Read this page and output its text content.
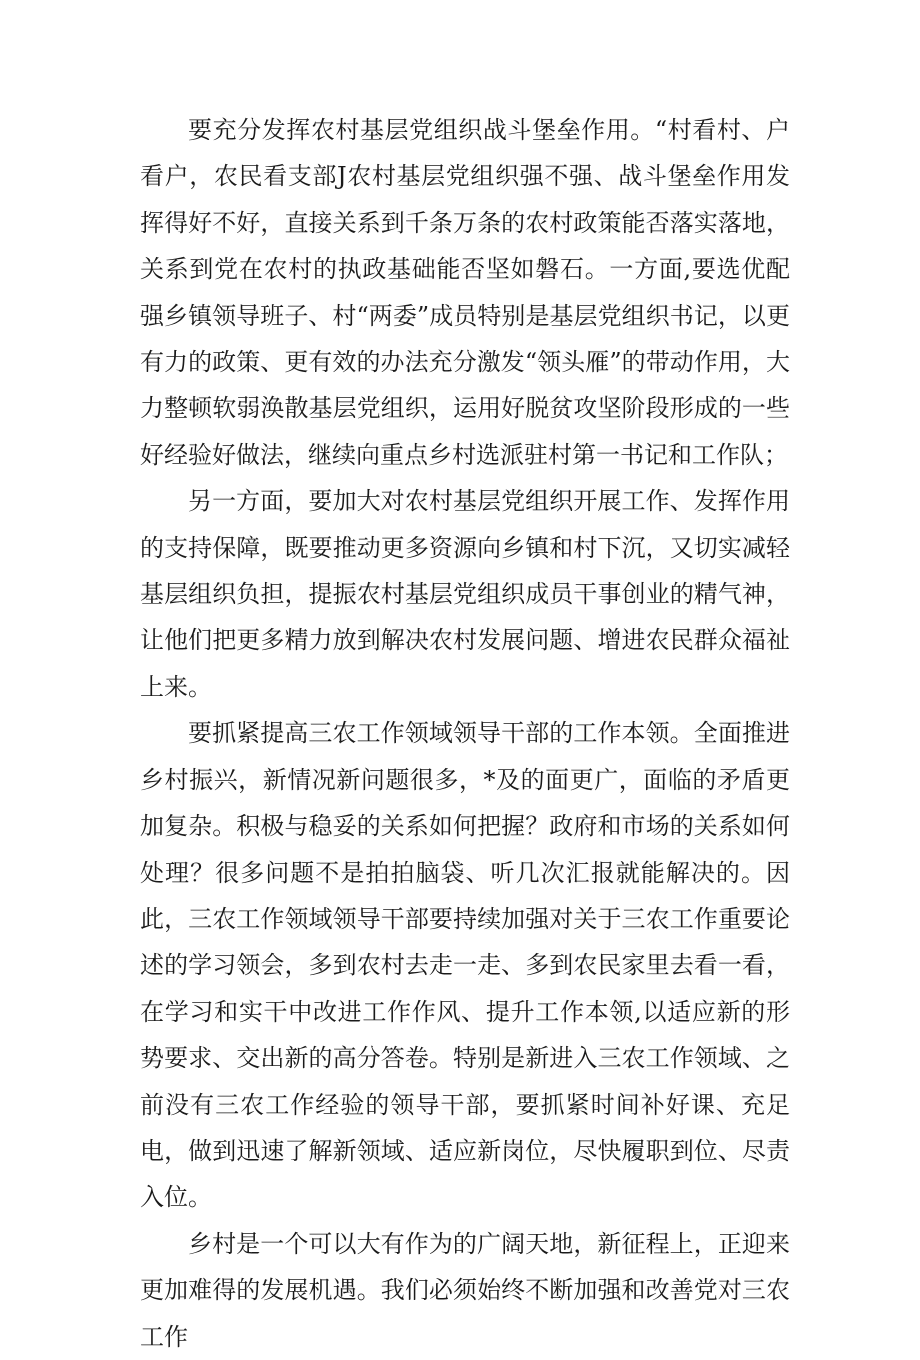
要充分发挥农村基层党组织战斗堡垒作用。“村看村、户看户，农民看支部J农村基层党组织强不强、战斗堡垒作用发挥得好不好，直接关系到千条万条的农村政策能否落实落地，关系到党在农村的执政基础能否坚如磐石。一方面,要选优配强乡镇领导班子、村“两委”成员特别是基层党组织书记，以更有力的政策、更有效的办法充分激发“领头雁”的带动作用，大力整顿软弱涣散基层党组织，运用好脱贫攻坚阶段形成的一些好经验好做法，继续向重点乡村选派驻村第一书记和工作队；

另一方面，要加大对农村基层党组织开展工作、发挥作用的支持保障，既要推动更多资源向乡镇和村下沉，又切实减轻基层组织负担，提振农村基层党组织成员干事创业的精气神，让他们把更多精力放到解决农村发展问题、增进农民群众福祉上来。

要抓紧提高三农工作领域领导干部的工作本领。全面推进乡村振兴，新情况新问题很多，*及的面更广，面临的矛盾更加复杂。积极与稳妥的关系如何把握？政府和市场的关系如何处理？很多问题不是拍拍脑袋、听几次汇报就能解决的。因此，三农工作领域领导干部要持续加强对关于三农工作重要论述的学习领会，多到农村去走一走、多到农民家里去看一看，在学习和实干中改进工作作风、提升工作本领,以适应新的形势要求、交出新的高分答卷。特别是新进入三农工作领域、之前没有三农工作经验的领导干部，要抓紧时间补好课、充足电，做到迅速了解新领域、适应新岗位，尽快履职到位、尽责入位。

乡村是一个可以大有作为的广阔天地，新征程上，正迎来更加难得的发展机遇。我们必须始终不断加强和改善党对三农工作
